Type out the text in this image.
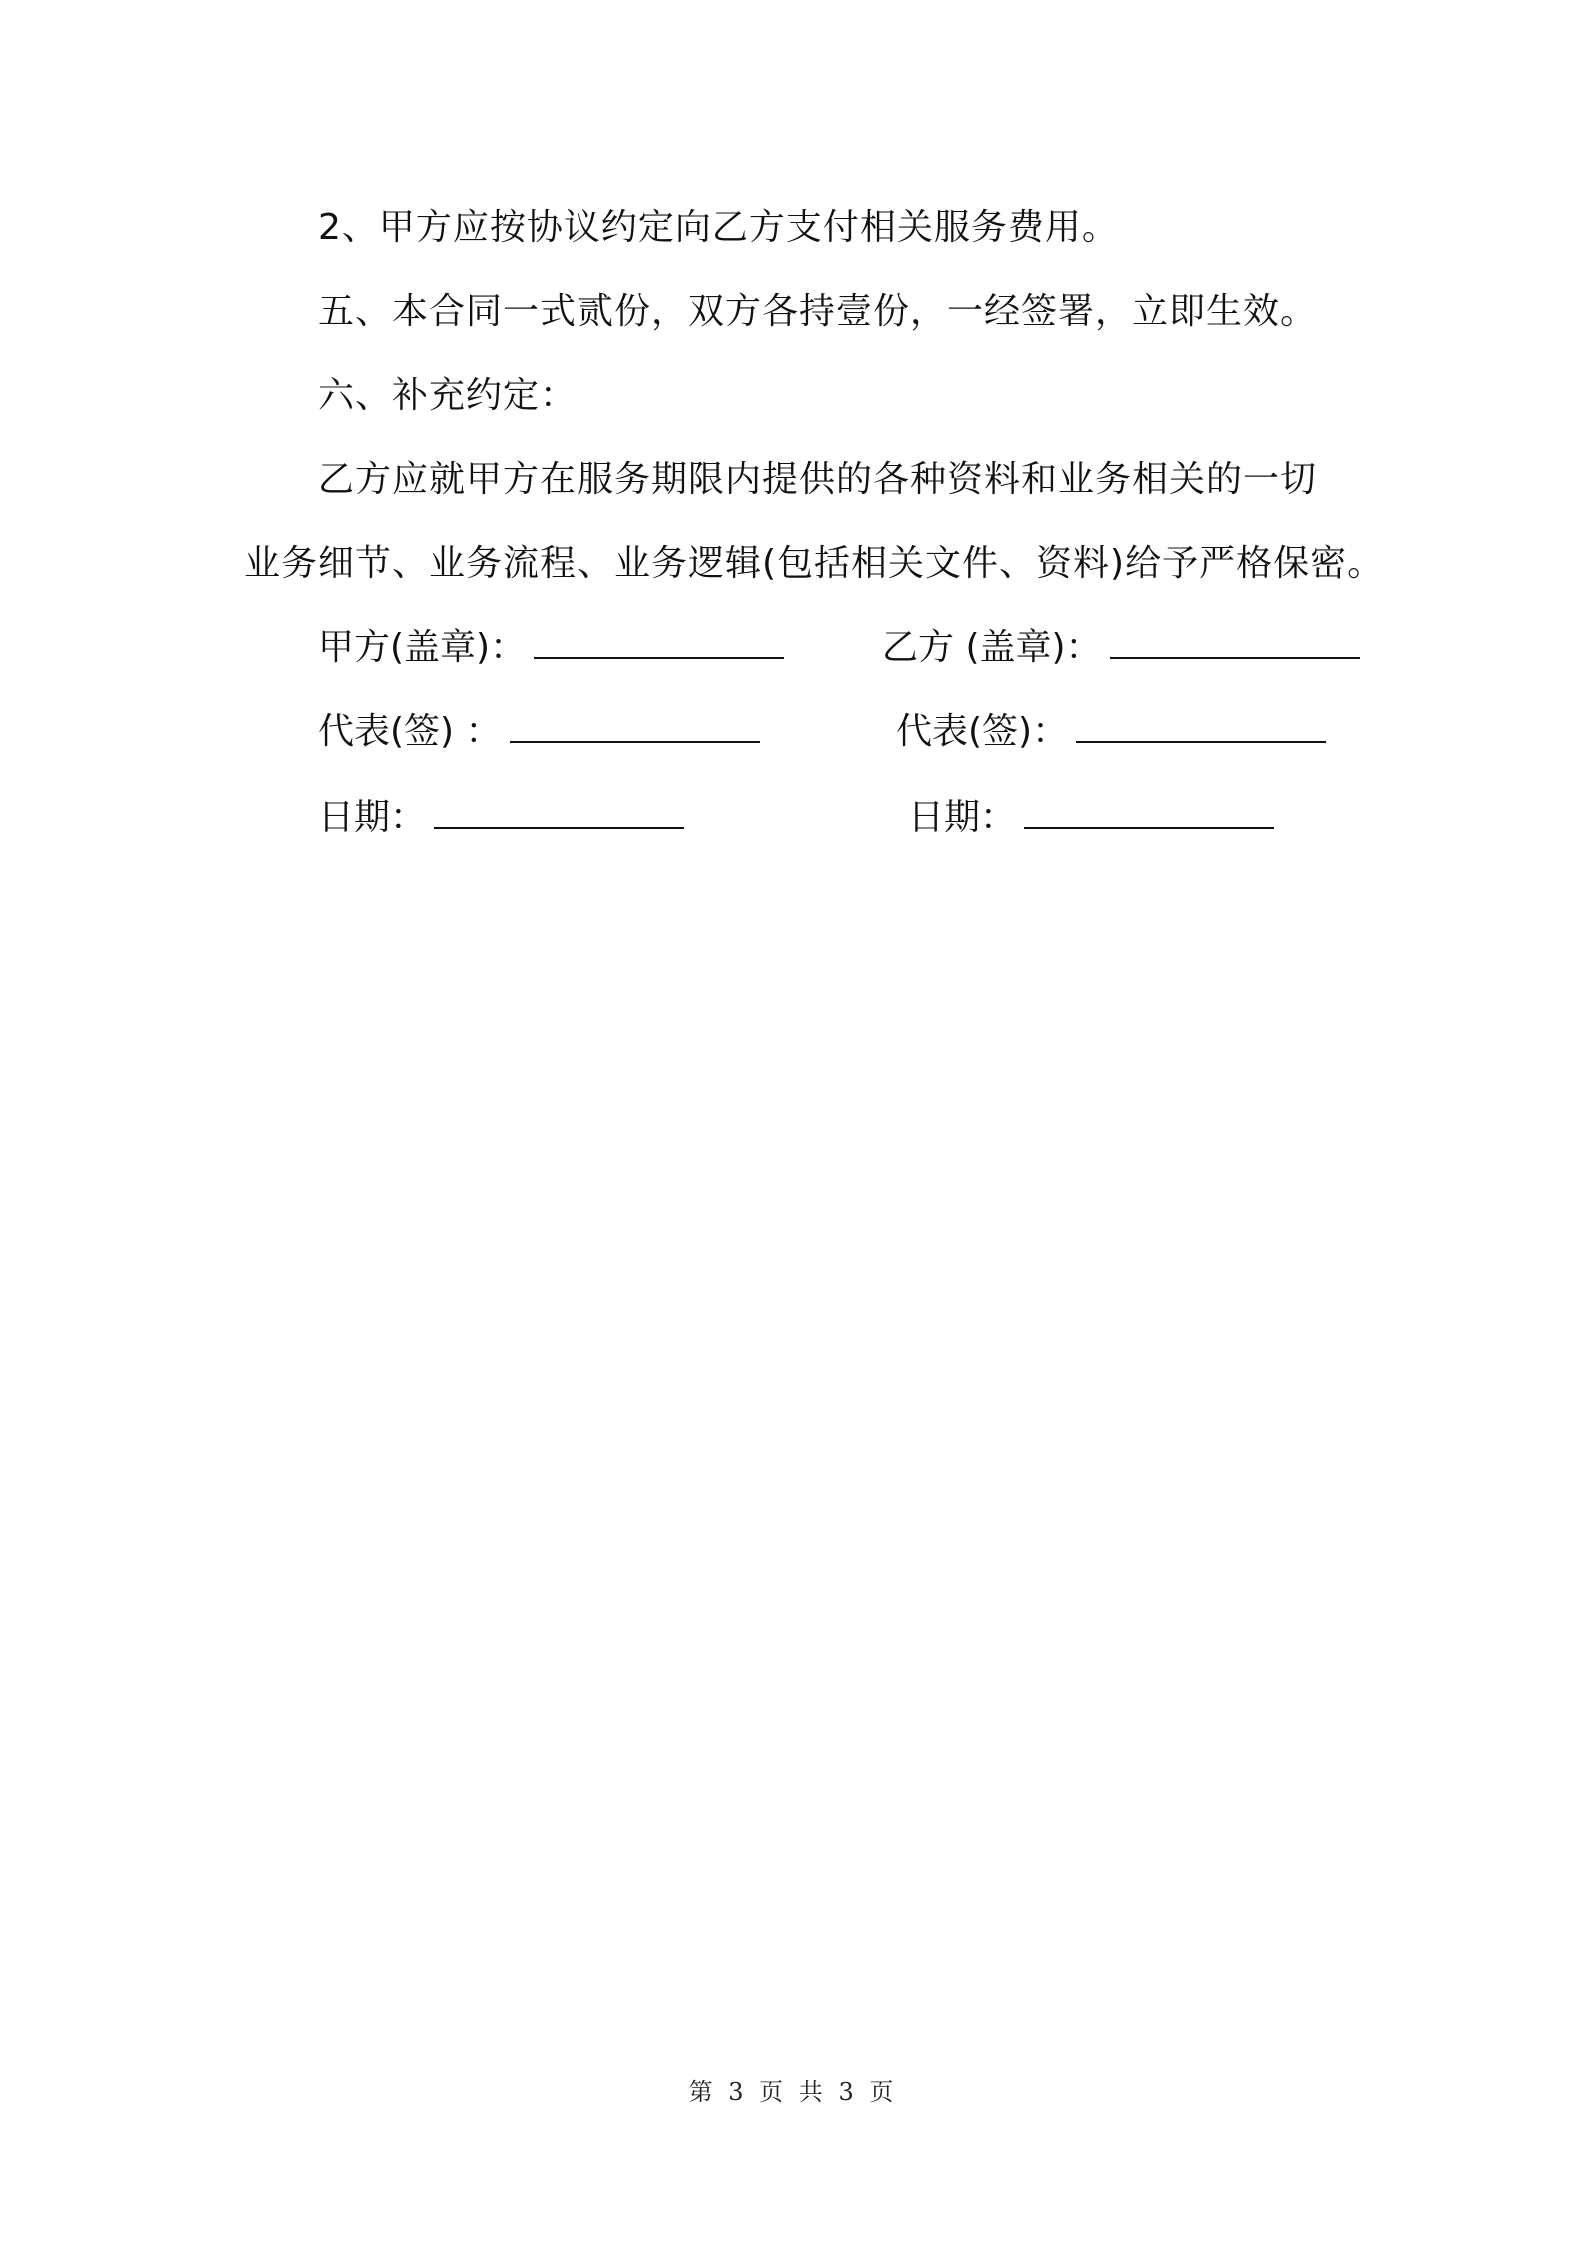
2、甲方应按协议约定向乙方支付相关服务费用。
五、本合同一式贰份，双方各持壹份，一经签署，立即生效。
六、补充约定：
乙方应就甲方在服务期限内提供的各种资料和业务相关的一切
业务细节、业务流程、业务逻辑(包括相关文件、资料)给予严格保密。
甲方(盖章)：
代表(签) ：
日期：
乙方 (盖章)：
代表(签)：
日期：
第 3 页 共 3 页
